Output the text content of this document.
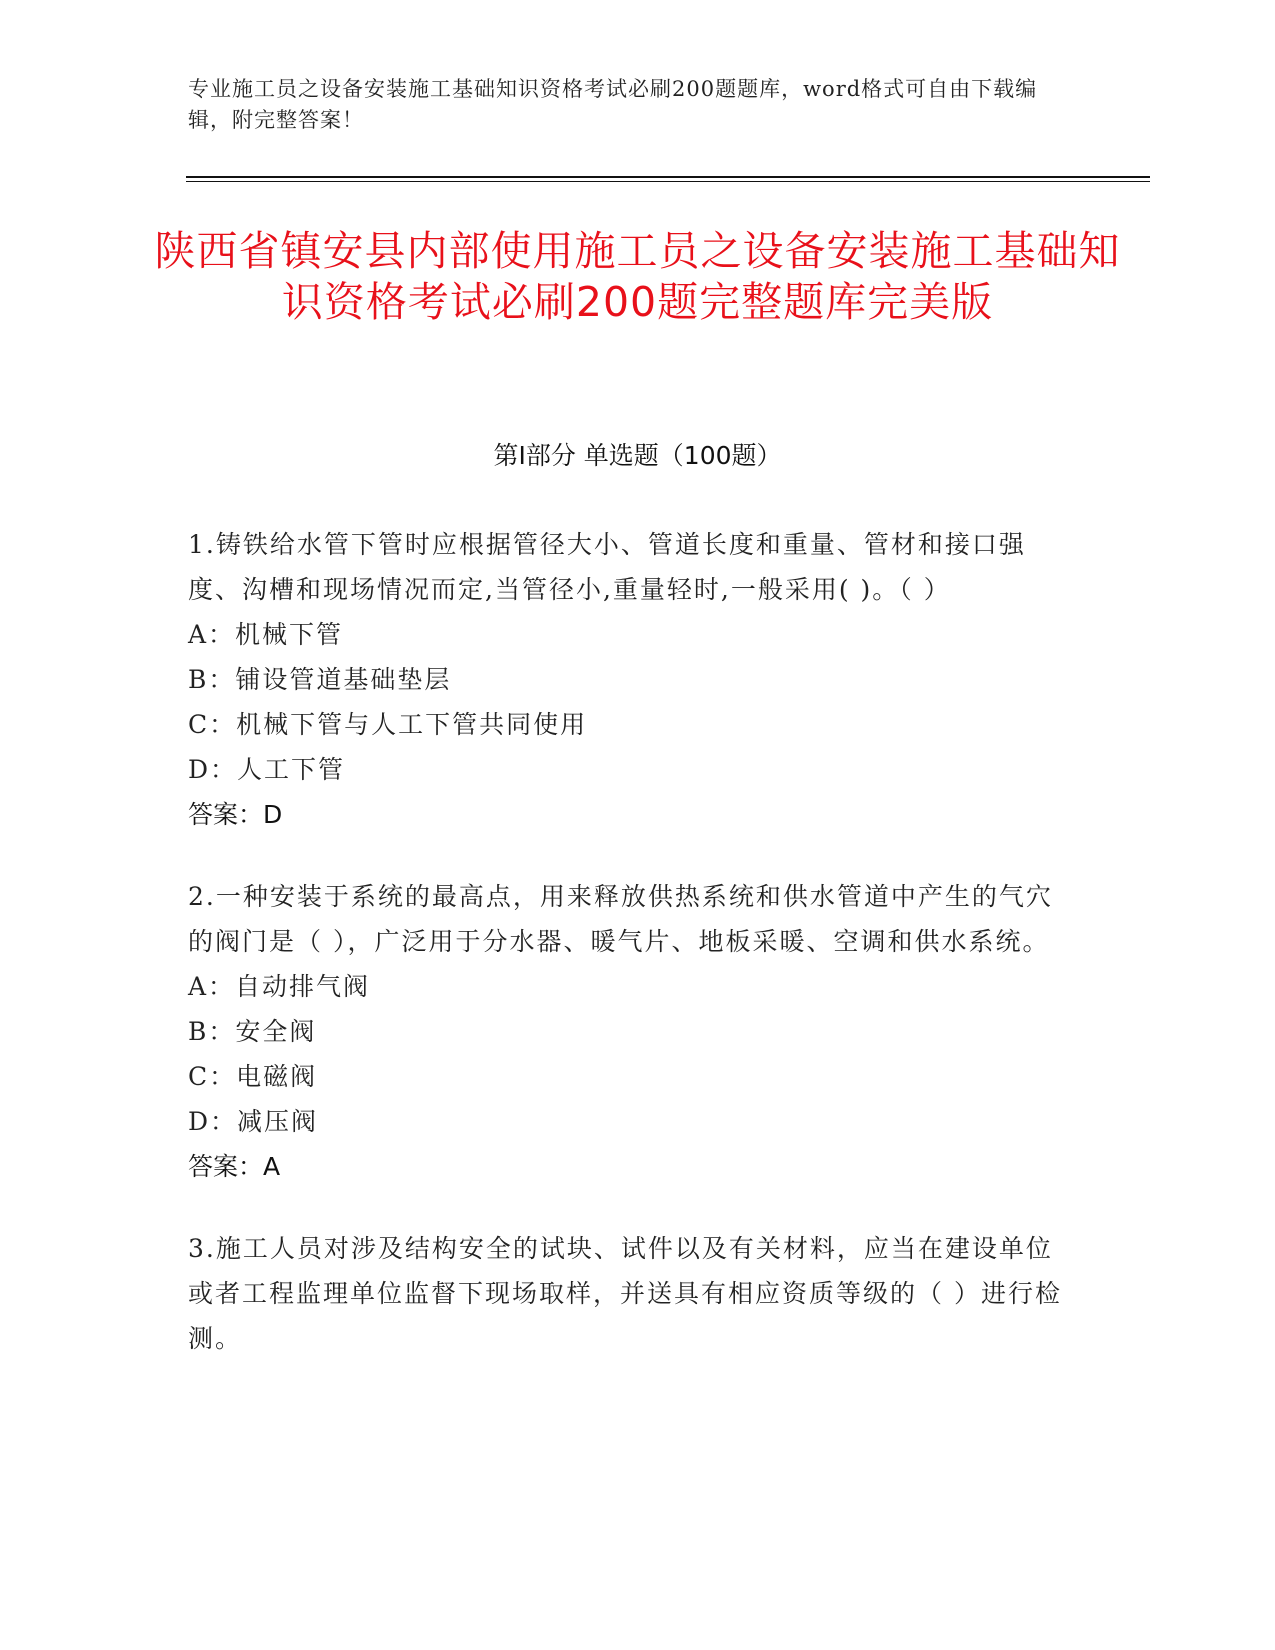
专业施工员之设备安装施工基础知识资格考试必刷200题题库，word格式可自由下载编辑，附完整答案！
陕西省镇安县内部使用施工员之设备安装施工基础知识资格考试必刷200题完整题库完美版
第Ⅰ部分 单选题（100题）
1.铸铁给水管下管时应根据管径大小、管道长度和重量、管材和接口强度、沟槽和现场情况而定,当管径小,重量轻时,一般采用( )。（ ）
A：机械下管
B：铺设管道基础垫层
C：机械下管与人工下管共同使用
D：人工下管
答案：D
2.一种安装于系统的最高点，用来释放供热系统和供水管道中产生的气穴的阀门是（ ），广泛用于分水器、暖气片、地板采暖、空调和供水系统。
A：自动排气阀
B：安全阀
C：电磁阀
D：减压阀
答案：A
3.施工人员对涉及结构安全的试块、试件以及有关材料，应当在建设单位或者工程监理单位监督下现场取样，并送具有相应资质等级的（ ）进行检测。
